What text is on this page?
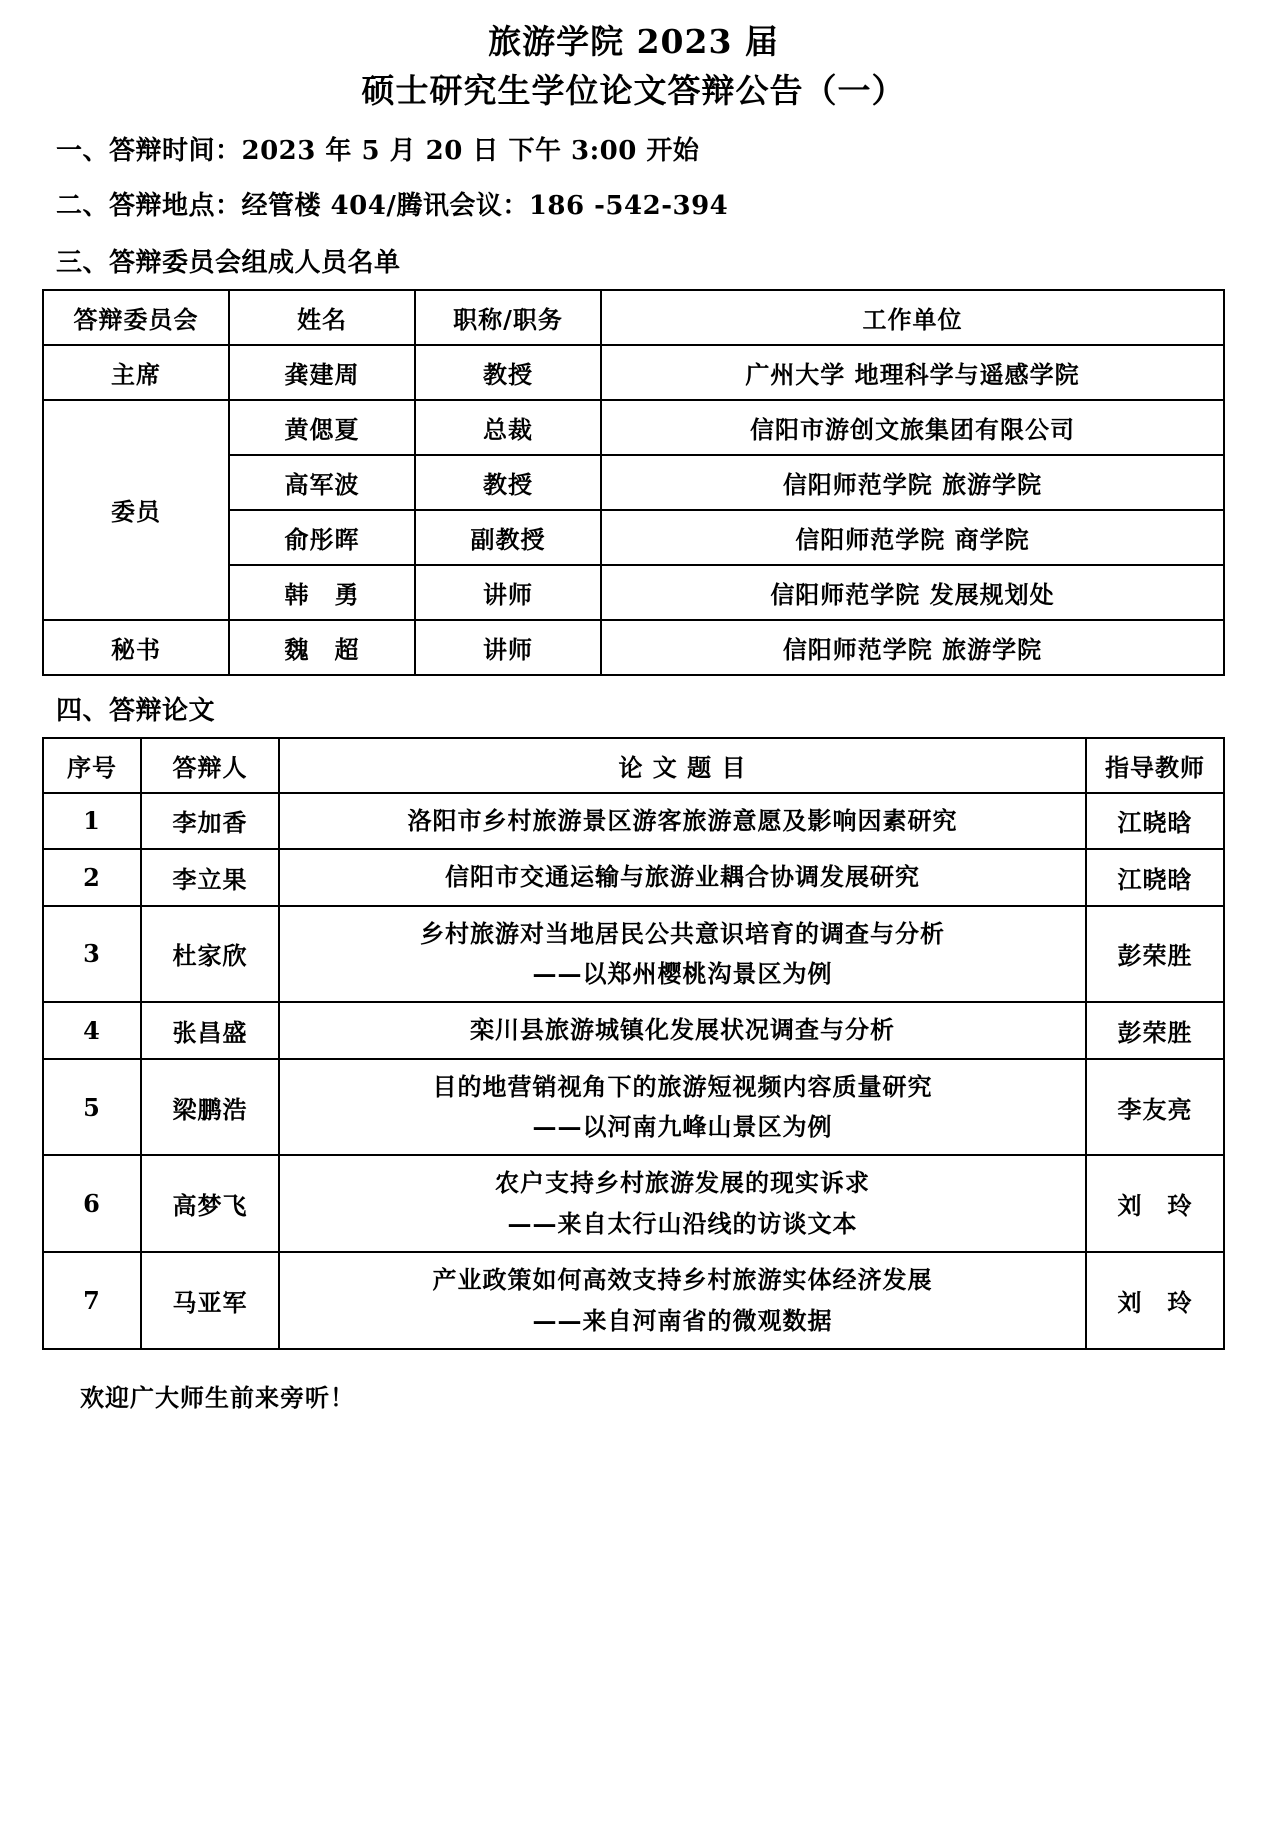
旅游学院 2023 届
硕士研究生学位论文答辩公告（一）
一、答辩时间：2023 年 5 月 20 日 下午 3:00 开始
二、答辩地点：经管楼 404/腾讯会议：186 -542-394
三、答辩委员会组成人员名单
答辩委员会	姓名	职称/职务	工作单位
主席	龚建周	教授	广州大学 地理科学与遥感学院
委员	黄偲夏	总裁	信阳市游创文旅集团有限公司
	高军波	教授	信阳师范学院 旅游学院
	俞彤晖	副教授	信阳师范学院 商学院
	韩　勇	讲师	信阳师范学院 发展规划处
秘书	魏　超	讲师	信阳师范学院 旅游学院
四、答辩论文
序号	答辩人	论 文 题 目	指导教师
1	李加香	洛阳市乡村旅游景区游客旅游意愿及影响因素研究	江晓晗
2	李立果	信阳市交通运输与旅游业耦合协调发展研究	江晓晗
3	杜家欣	乡村旅游对当地居民公共意识培育的调查与分析
——以郑州樱桃沟景区为例	彭荣胜
4	张昌盛	栾川县旅游城镇化发展状况调查与分析	彭荣胜
5	梁鹏浩	目的地营销视角下的旅游短视频内容质量研究
——以河南九峰山景区为例	李友亮
6	高梦飞	农户支持乡村旅游发展的现实诉求
——来自太行山沿线的访谈文本	刘　玲
7	马亚军	产业政策如何高效支持乡村旅游实体经济发展
——来自河南省的微观数据	刘　玲
欢迎广大师生前来旁听！
